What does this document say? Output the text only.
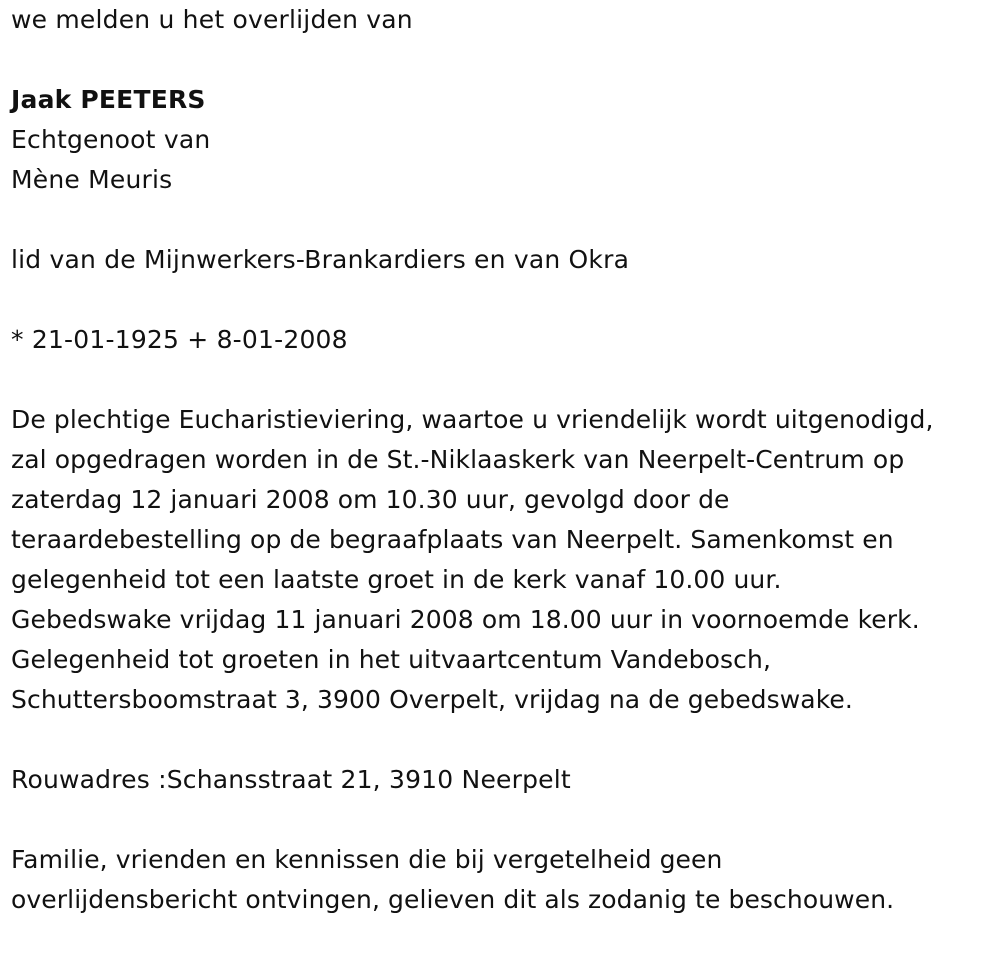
we melden u het overlijden van
Jaak PEETERS
Echtgenoot van
Mène Meuris
lid van de Mijnwerkers-Brankardiers en van Okra
* 21-01-1925 + 8-01-2008
De plechtige Eucharistieviering, waartoe u vriendelijk wordt uitgenodigd,
zal opgedragen worden in de St.-Niklaaskerk van Neerpelt-Centrum op
zaterdag 12 januari 2008 om 10.30 uur, gevolgd door de
teraardebestelling op de begraafplaats van Neerpelt. Samenkomst en
gelegenheid tot een laatste groet in de kerk vanaf 10.00 uur.
Gebedswake vrijdag 11 januari 2008 om 18.00 uur in voornoemde kerk.
Gelegenheid tot groeten in het uitvaartcentum Vandebosch,
Schuttersboomstraat 3, 3900 Overpelt, vrijdag na de gebedswake.
Rouwadres :Schansstraat 21, 3910 Neerpelt
Familie, vrienden en kennissen die bij vergetelheid geen
overlijdensbericht ontvingen, gelieven dit als zodanig te beschouwen.
